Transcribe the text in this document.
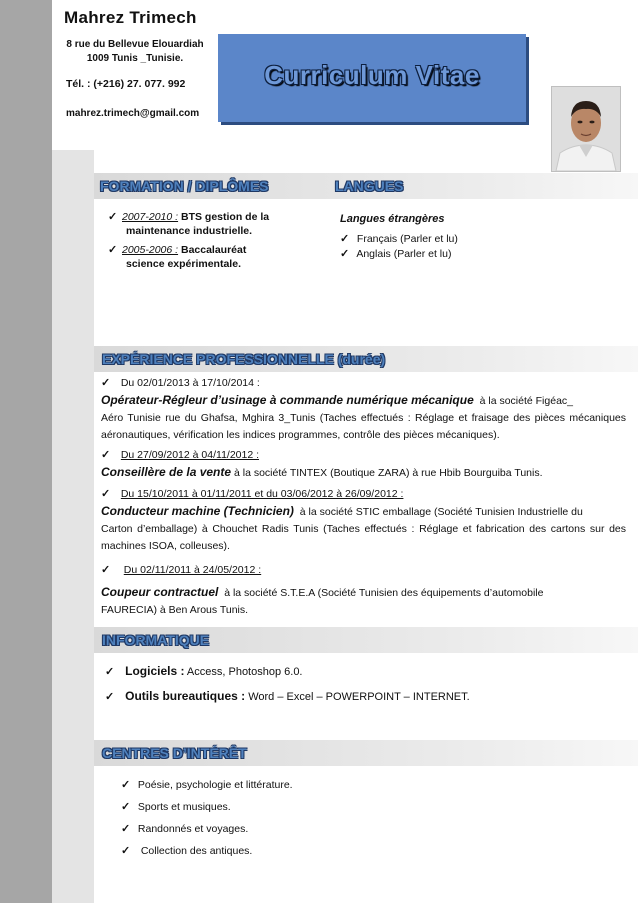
Mahrez Trimech
8 rue du Bellevue Elouardiah
1009 Tunis _Tunisie.
Tél. : (+216) 27. 077. 992
mahrez.trimech@gmail.com
Curriculum Vitae
FORMATION / DIPLÔMES	LANGUES
✓ 2007-2010 : BTS gestion de la
maintenance industrielle.
✓ 2005-2006 : Baccalauréat
science expérimentale.
Langues étrangères
✓ Français (Parler et lu)
✓ Anglais (Parler et lu)
EXPÉRIENCE PROFESSIONNELLE (durée)
✓ Du 02/01/2013 à 17/10/2014 :
Opérateur-Régleur d’usinage à commande numérique mécanique à la société Figéac_
Aéro Tunisie rue du Ghafsa, Mghira 3_Tunis (Taches effectués : Réglage et fraisage des pièces mécaniques aéronautiques, vérification les indices programmes, contrôle des pièces mécaniques).
✓ Du 27/09/2012 à 04/11/2012 :
Conseillère de la vente à la société TINTEX (Boutique ZARA) à rue Hbib Bourguiba Tunis.
✓ Du 15/10/2011 à 01/11/2011 et du 03/06/2012 à 26/09/2012 :
Conducteur machine (Technicien) à la société STIC emballage (Société Tunisien Industrielle du
Carton d’emballage) à Chouchet Radis Tunis (Taches effectués : Réglage et fabrication des cartons sur des machines ISOA, colleuses).
✓ Du 02/11/2011 à 24/05/2012 :
Coupeur contractuel à la société S.T.E.A (Société Tunisien des équipements d’automobile
FAURECIA) à Ben Arous Tunis.
INFORMATIQUE
✓ Logiciels : Access, Photoshop 6.0.
✓ Outils bureautiques : Word – Excel – POWERPOINT – INTERNET.
CENTRES D’INTÉRÊT
✓ Poésie, psychologie et littérature.
✓ Sports et musiques.
✓ Randonnés et voyages.
✓ Collection des antiques.
